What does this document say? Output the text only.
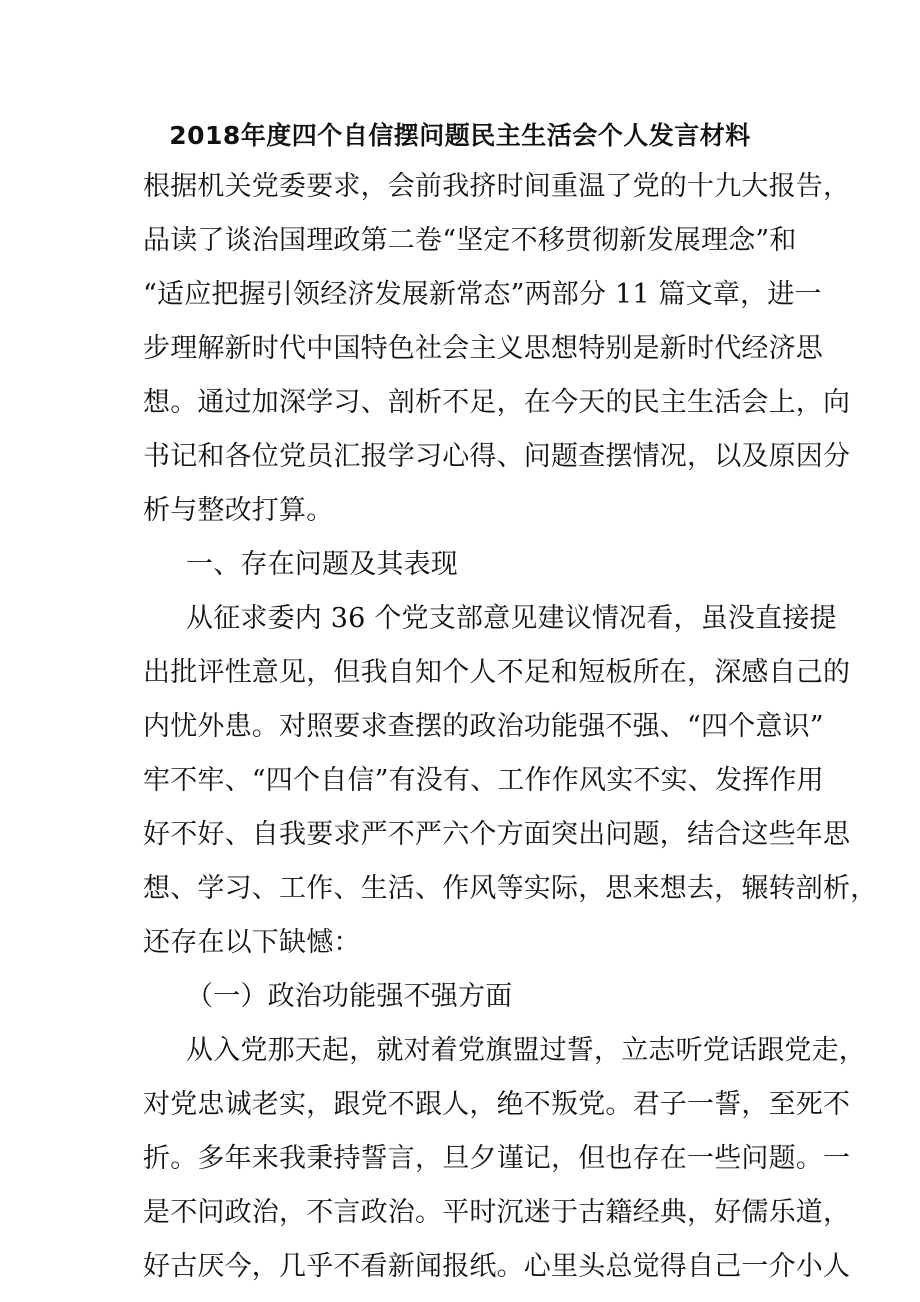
2018年度四个自信摆问题民主生活会个人发言材料
根据机关党委要求，会前我挤时间重温了党的十九大报告，
品读了谈治国理政第二卷“坚定不移贯彻新发展理念”和
“适应把握引领经济发展新常态”两部分 11 篇文章，进一
步理解新时代中国特色社会主义思想特别是新时代经济思
想。通过加深学习、剖析不足，在今天的民主生活会上，向
书记和各位党员汇报学习心得、问题查摆情况，以及原因分
析与整改打算。
一、存在问题及其表现
从征求委内 36 个党支部意见建议情况看，虽没直接提
出批评性意见，但我自知个人不足和短板所在，深感自己的
内忧外患。对照要求查摆的政治功能强不强、“四个意识”
牢不牢、“四个自信”有没有、工作作风实不实、发挥作用
好不好、自我要求严不严六个方面突出问题，结合这些年思
想、学习、工作、生活、作风等实际，思来想去，辗转剖析，
还存在以下缺憾：
（一）政治功能强不强方面
从入党那天起，就对着党旗盟过誓，立志听党话跟党走，
对党忠诚老实，跟党不跟人，绝不叛党。君子一誓，至死不
折。多年来我秉持誓言，旦夕谨记，但也存在一些问题。一
是不问政治，不言政治。平时沉迷于古籍经典，好儒乐道，
好古厌今，几乎不看新闻报纸。心里头总觉得自己一介小人
